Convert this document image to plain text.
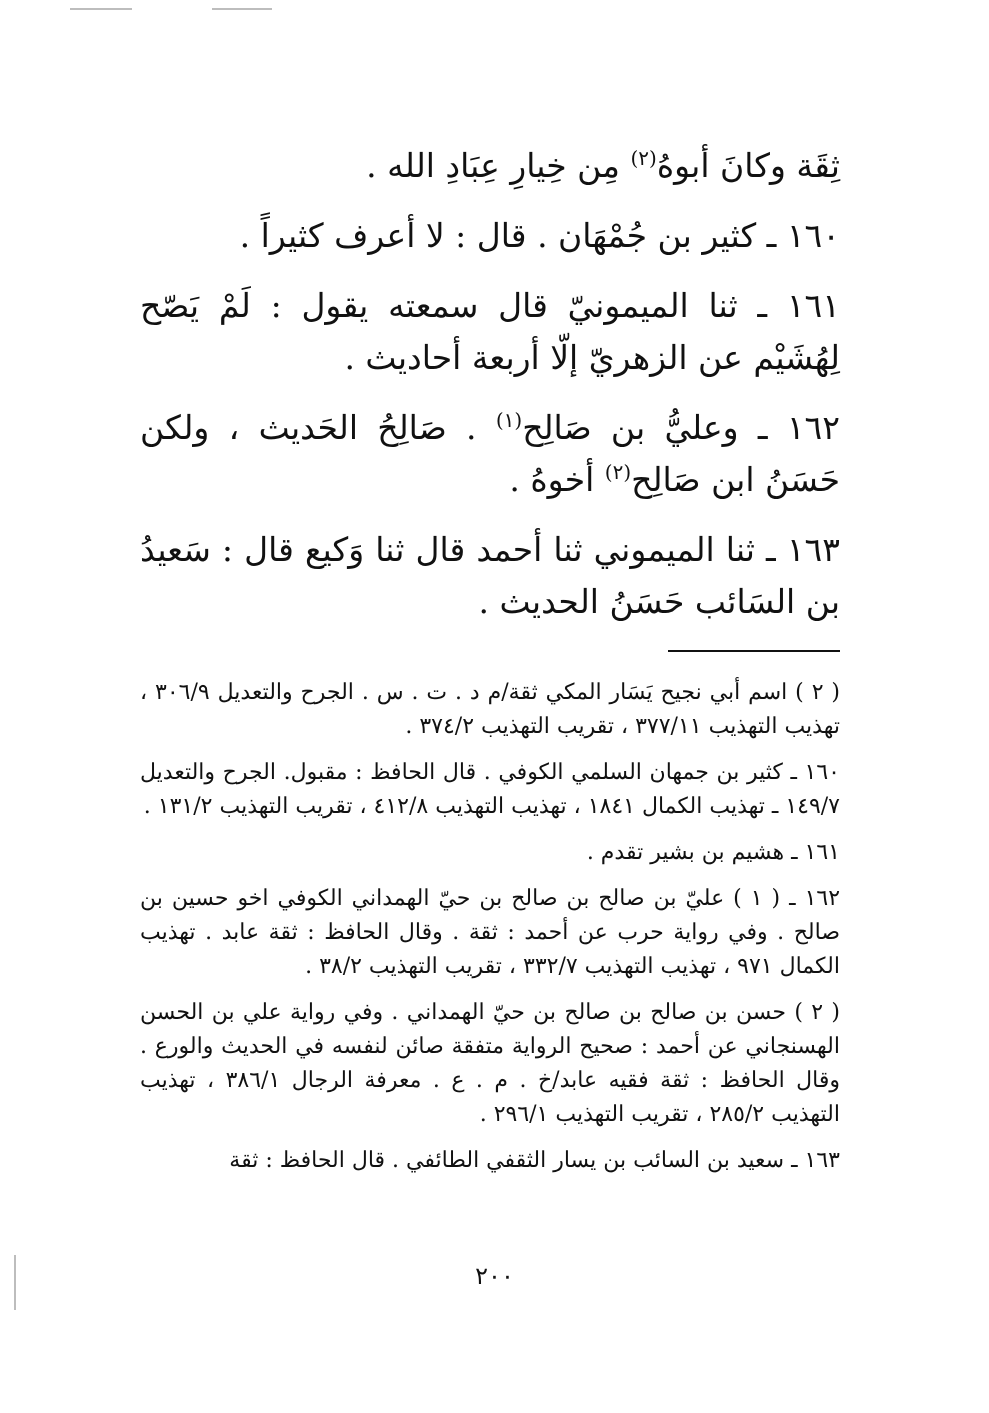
ثِقَة وكانَ أبوهُ$^{(٢)}$ مِن خِيارِ عِبَادِ الله .

١٦٠ ـ كثير بن جُمْهَان . قال : لا أعرف كثيراً .

١٦١ ـ ثنا الميمونيّ قال سمعته يقول : لَمْ يَصّح لِهُشَيْم عن الزهريّ إلّا أربعة أحاديث .

١٦٢ ـ وعليُّ بن صَالِح$^{(١)}$ . صَالِحُ الحَديث ، ولكن حَسَنُ ابن صَالِح$^{(٢)}$ أخوهُ .

١٦٣ ـ ثنا الميموني ثنا أحمد قال ثنا وَكيع قال : سَعيدُ بن السَائب حَسَنُ الحديث .

( ٢ ) اسم أبي نجيح يَسَار المكي ثقة/م د . ت . س . الجرح والتعديل ٣٠٦/٩ ، تهذيب التهذيب ٣٧٧/١١ ، تقريب التهذيب ٣٧٤/٢ .

١٦٠ ـ كثير بن جمهان السلمي الكوفي . قال الحافظ : مقبول. الجرح والتعديل ١٤٩/٧ ـ تهذيب الكمال ١٨٤١ ، تهذيب التهذيب ٤١٢/٨ ، تقريب التهذيب ١٣١/٢ .

١٦١ ـ هشيم بن بشير تقدم .

١٦٢ ـ ( ١ ) عليّ بن صالح بن صالح بن حيّ الهمداني الكوفي اخو حسين بن صالح . وفي رواية حرب عن أحمد : ثقة . وقال الحافظ : ثقة عابد . تهذيب الكمال ٩٧١ ، تهذيب التهذيب ٣٣٢/٧ ، تقريب التهذيب ٣٨/٢ .

( ٢ ) حسن بن صالح بن صالح بن حيّ الهمداني . وفي رواية علي بن الحسن الهسنجاني عن أحمد : صحيح الرواية متفقة صائن لنفسه في الحديث والورع . وقال الحافظ : ثقة فقيه عابد/خ . م . ع . معرفة الرجال ٣٨٦/١ ، تهذيب التهذيب ٢٨٥/٢ ، تقريب التهذيب ٢٩٦/١ .

١٦٣ ـ سعيد بن السائب بن يسار الثقفي الطائفي . قال الحافظ : ثقة

٢٠٠
